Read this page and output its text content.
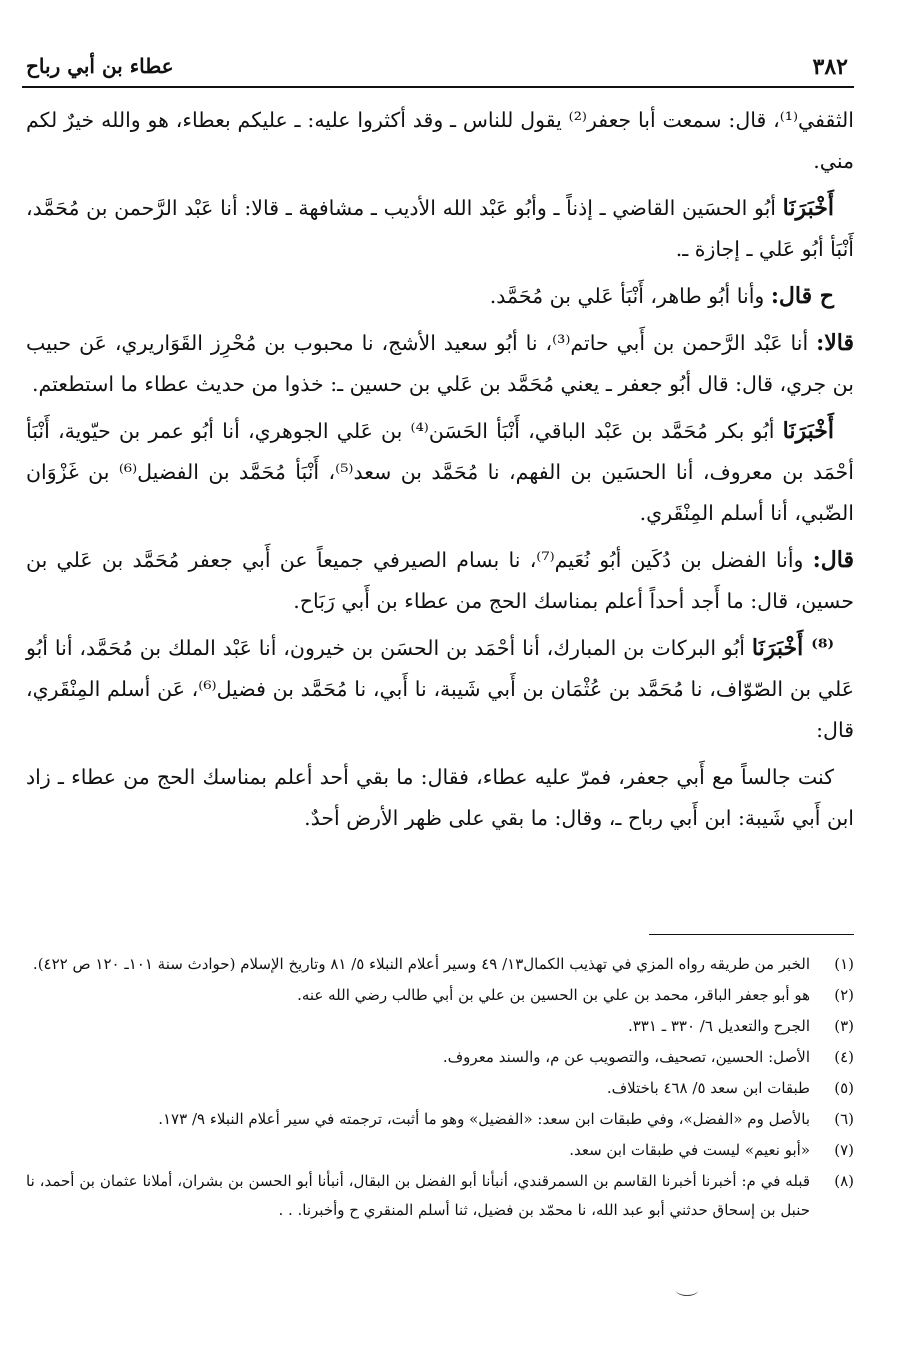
٣٨٢
عطاء بن أبي رباح

الثقفي⁽¹⁾، قال: سمعت أبا جعفر⁽²⁾ يقول للناس ـ وقد أكثروا عليه: ـ عليكم بعطاء، هو والله خيرٌ لكم مني.

أَخْبَرَنَا أبُو الحسَين القاضي ـ إذناً ـ وأبُو عَبْد الله الأديب ـ مشافهة ـ قالا: أنا عَبْد الرَّحمن بن مُحَمَّد، أَنْبَأ أبُو عَلي ـ إجازة ـ.

ح قال: وأنا أبُو طاهر، أَنْبَأ عَلي بن مُحَمَّد.

قالا: أنا عَبْد الرَّحمن بن أَبي حاتم⁽³⁾، نا أبُو سعيد الأشج، نا محبوب بن مُحْرِز القَوَاريري، عَن حبيب بن جري، قال: قال أبُو جعفر ـ يعني مُحَمَّد بن عَلي بن حسين ـ: خذوا من حديث عطاء ما استطعتم.

أَخْبَرَنَا أبُو بكر مُحَمَّد بن عَبْد الباقي، أَنْبَأ الحَسَن⁽⁴⁾ بن عَلي الجوهري، أنا أبُو عمر بن حيّوية، أَنْبَأ أحْمَد بن معروف، أنا الحسَين بن الفهم، نا مُحَمَّد بن سعد⁽⁵⁾، أَنْبَأ مُحَمَّد بن الفضيل⁽⁶⁾ بن غَزْوَان الضّبي، أنا أسلم المِنْقَري.

قال: وأنا الفضل بن دُكَين أبُو نُعَيم⁽⁷⁾، نا بسام الصيرفي جميعاً عن أَبي جعفر مُحَمَّد بن عَلي بن حسين، قال: ما أَجد أحداً أعلم بمناسك الحج من عطاء بن أَبي رَبَاح.

⁽⁸⁾ أَخْبَرَنَا أبُو البركات بن المبارك، أنا أحْمَد بن الحسَن بن خيرون، أنا عَبْد الملك بن مُحَمَّد، أنا أبُو عَلي بن الصّوّاف، نا مُحَمَّد بن عُثْمَان بن أَبي شَيبة، نا أَبي، نا مُحَمَّد بن فضيل⁽⁶⁾، عَن أسلم المِنْقَري، قال:

كنت جالساً مع أَبي جعفر، فمرّ عليه عطاء، فقال: ما بقي أحد أعلم بمناسك الحج من عطاء ـ زاد ابن أَبي شَيبة: ابن أَبي رباح ـ، وقال: ما بقي على ظهر الأرض أحدٌ.

(١)
الخبر من طريقه رواه المزي في تهذيب الكمال١٣/ ٤٩ وسير أعلام النبلاء ٥/ ٨١ وتاريخ الإسلام (حوادث سنة ١٠١ـ ١٢٠ ص ٤٢٢).
(٢)
هو أبو جعفر الباقر، محمد بن علي بن الحسين بن علي بن أبي طالب رضي الله عنه.
(٣)
الجرح والتعديل ٦/ ٣٣٠ ـ ٣٣١.
(٤)
الأصل: الحسين، تصحيف، والتصويب عن م، والسند معروف.
(٥)
طبقات ابن سعد ٥/ ٤٦٨ باختلاف.
(٦)
بالأصل وم «الفضل»، وفي طبقات ابن سعد: «الفضيل» وهو ما أثبت، ترجمته في سير أعلام النبلاء ٩/ ١٧٣.
(٧)
«أبو نعيم» ليست في طبقات ابن سعد.
(٨)
قبله في م: أخبرنا أخبرنا القاسم بن السمرقندي، أنبأنا أبو الفضل بن البقال، أنبأنا أبو الحسن بن بشران، أملانا عثمان بن أحمد، نا حنبل بن إسحاق حدثني أبو عبد الله، نا محمّد بن فضيل، ثنا أسلم المنقري ح وأخبرنا. . .
